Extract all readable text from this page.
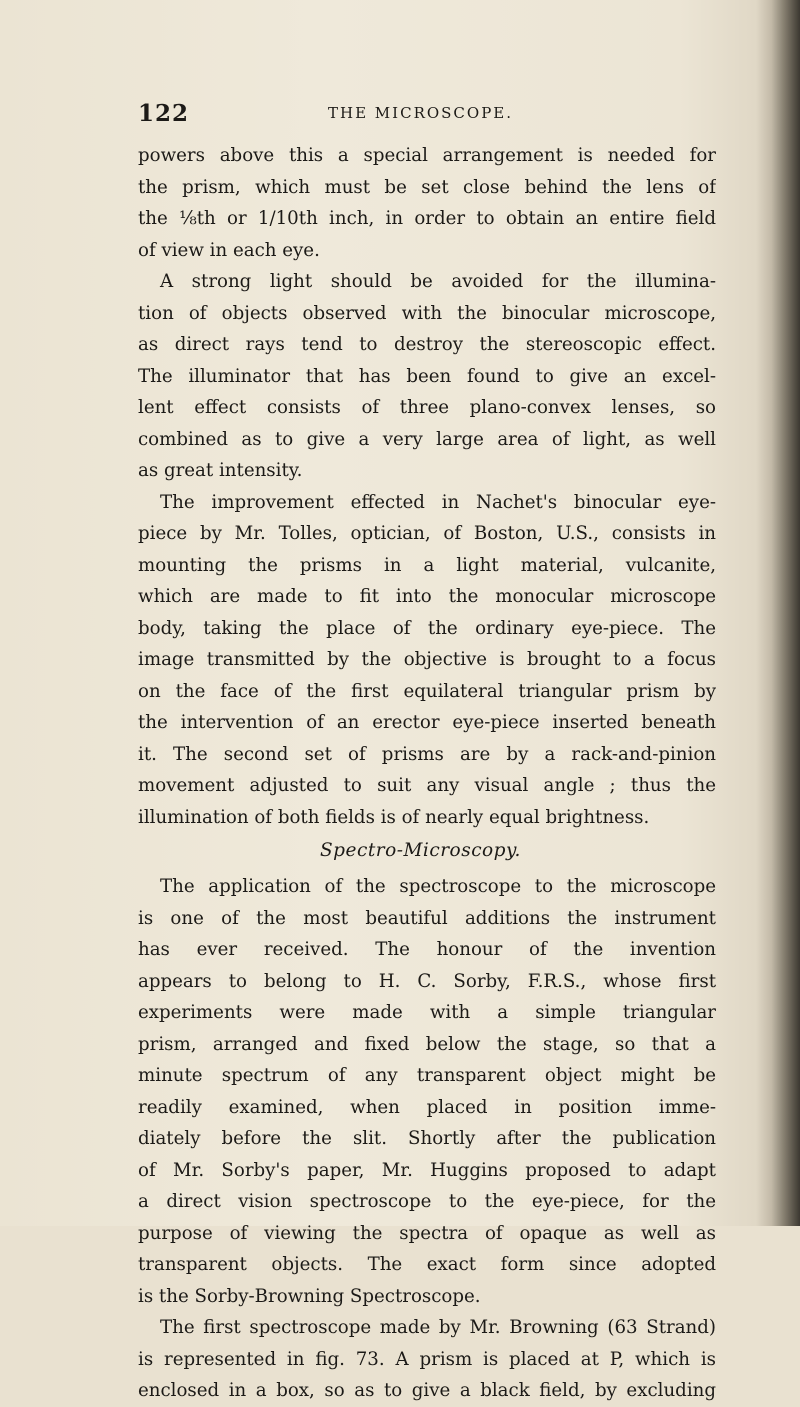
122	THE MICROSCOPE.
powers above this a special arrangement is needed for
the prism, which must be set close behind the lens of
the ⅛th or 1/10th inch, in order to obtain an entire field
of view in each eye.
A strong light should be avoided for the illumina-
tion of objects observed with the binocular microscope,
as direct rays tend to destroy the stereoscopic effect.
The illuminator that has been found to give an excel-
lent effect consists of three plano-convex lenses, so
combined as to give a very large area of light, as well
as great intensity.
The improvement effected in Nachet's binocular eye-
piece by Mr. Tolles, optician, of Boston, U.S., consists in
mounting the prisms in a light material, vulcanite,
which are made to fit into the monocular microscope
body, taking the place of the ordinary eye-piece. The
image transmitted by the objective is brought to a focus
on the face of the first equilateral triangular prism by
the intervention of an erector eye-piece inserted beneath
it. The second set of prisms are by a rack-and-pinion
movement adjusted to suit any visual angle ; thus the
illumination of both fields is of nearly equal brightness.
Spectro-Microscopy.
The application of the spectroscope to the microscope
is one of the most beautiful additions the instrument
has ever received. The honour of the invention
appears to belong to H. C. Sorby, F.R.S., whose first
experiments were made with a simple triangular
prism, arranged and fixed below the stage, so that a
minute spectrum of any transparent object might be
readily examined, when placed in position imme-
diately before the slit. Shortly after the publication
of Mr. Sorby's paper, Mr. Huggins proposed to adapt
a direct vision spectroscope to the eye-piece, for the
purpose of viewing the spectra of opaque as well as
transparent objects. The exact form since adopted
is the Sorby-Browning Spectroscope.
The first spectroscope made by Mr. Browning (63 Strand)
is represented in fig. 73. A prism is placed at P, which is
enclosed in a box, so as to give a black field, by excluding
